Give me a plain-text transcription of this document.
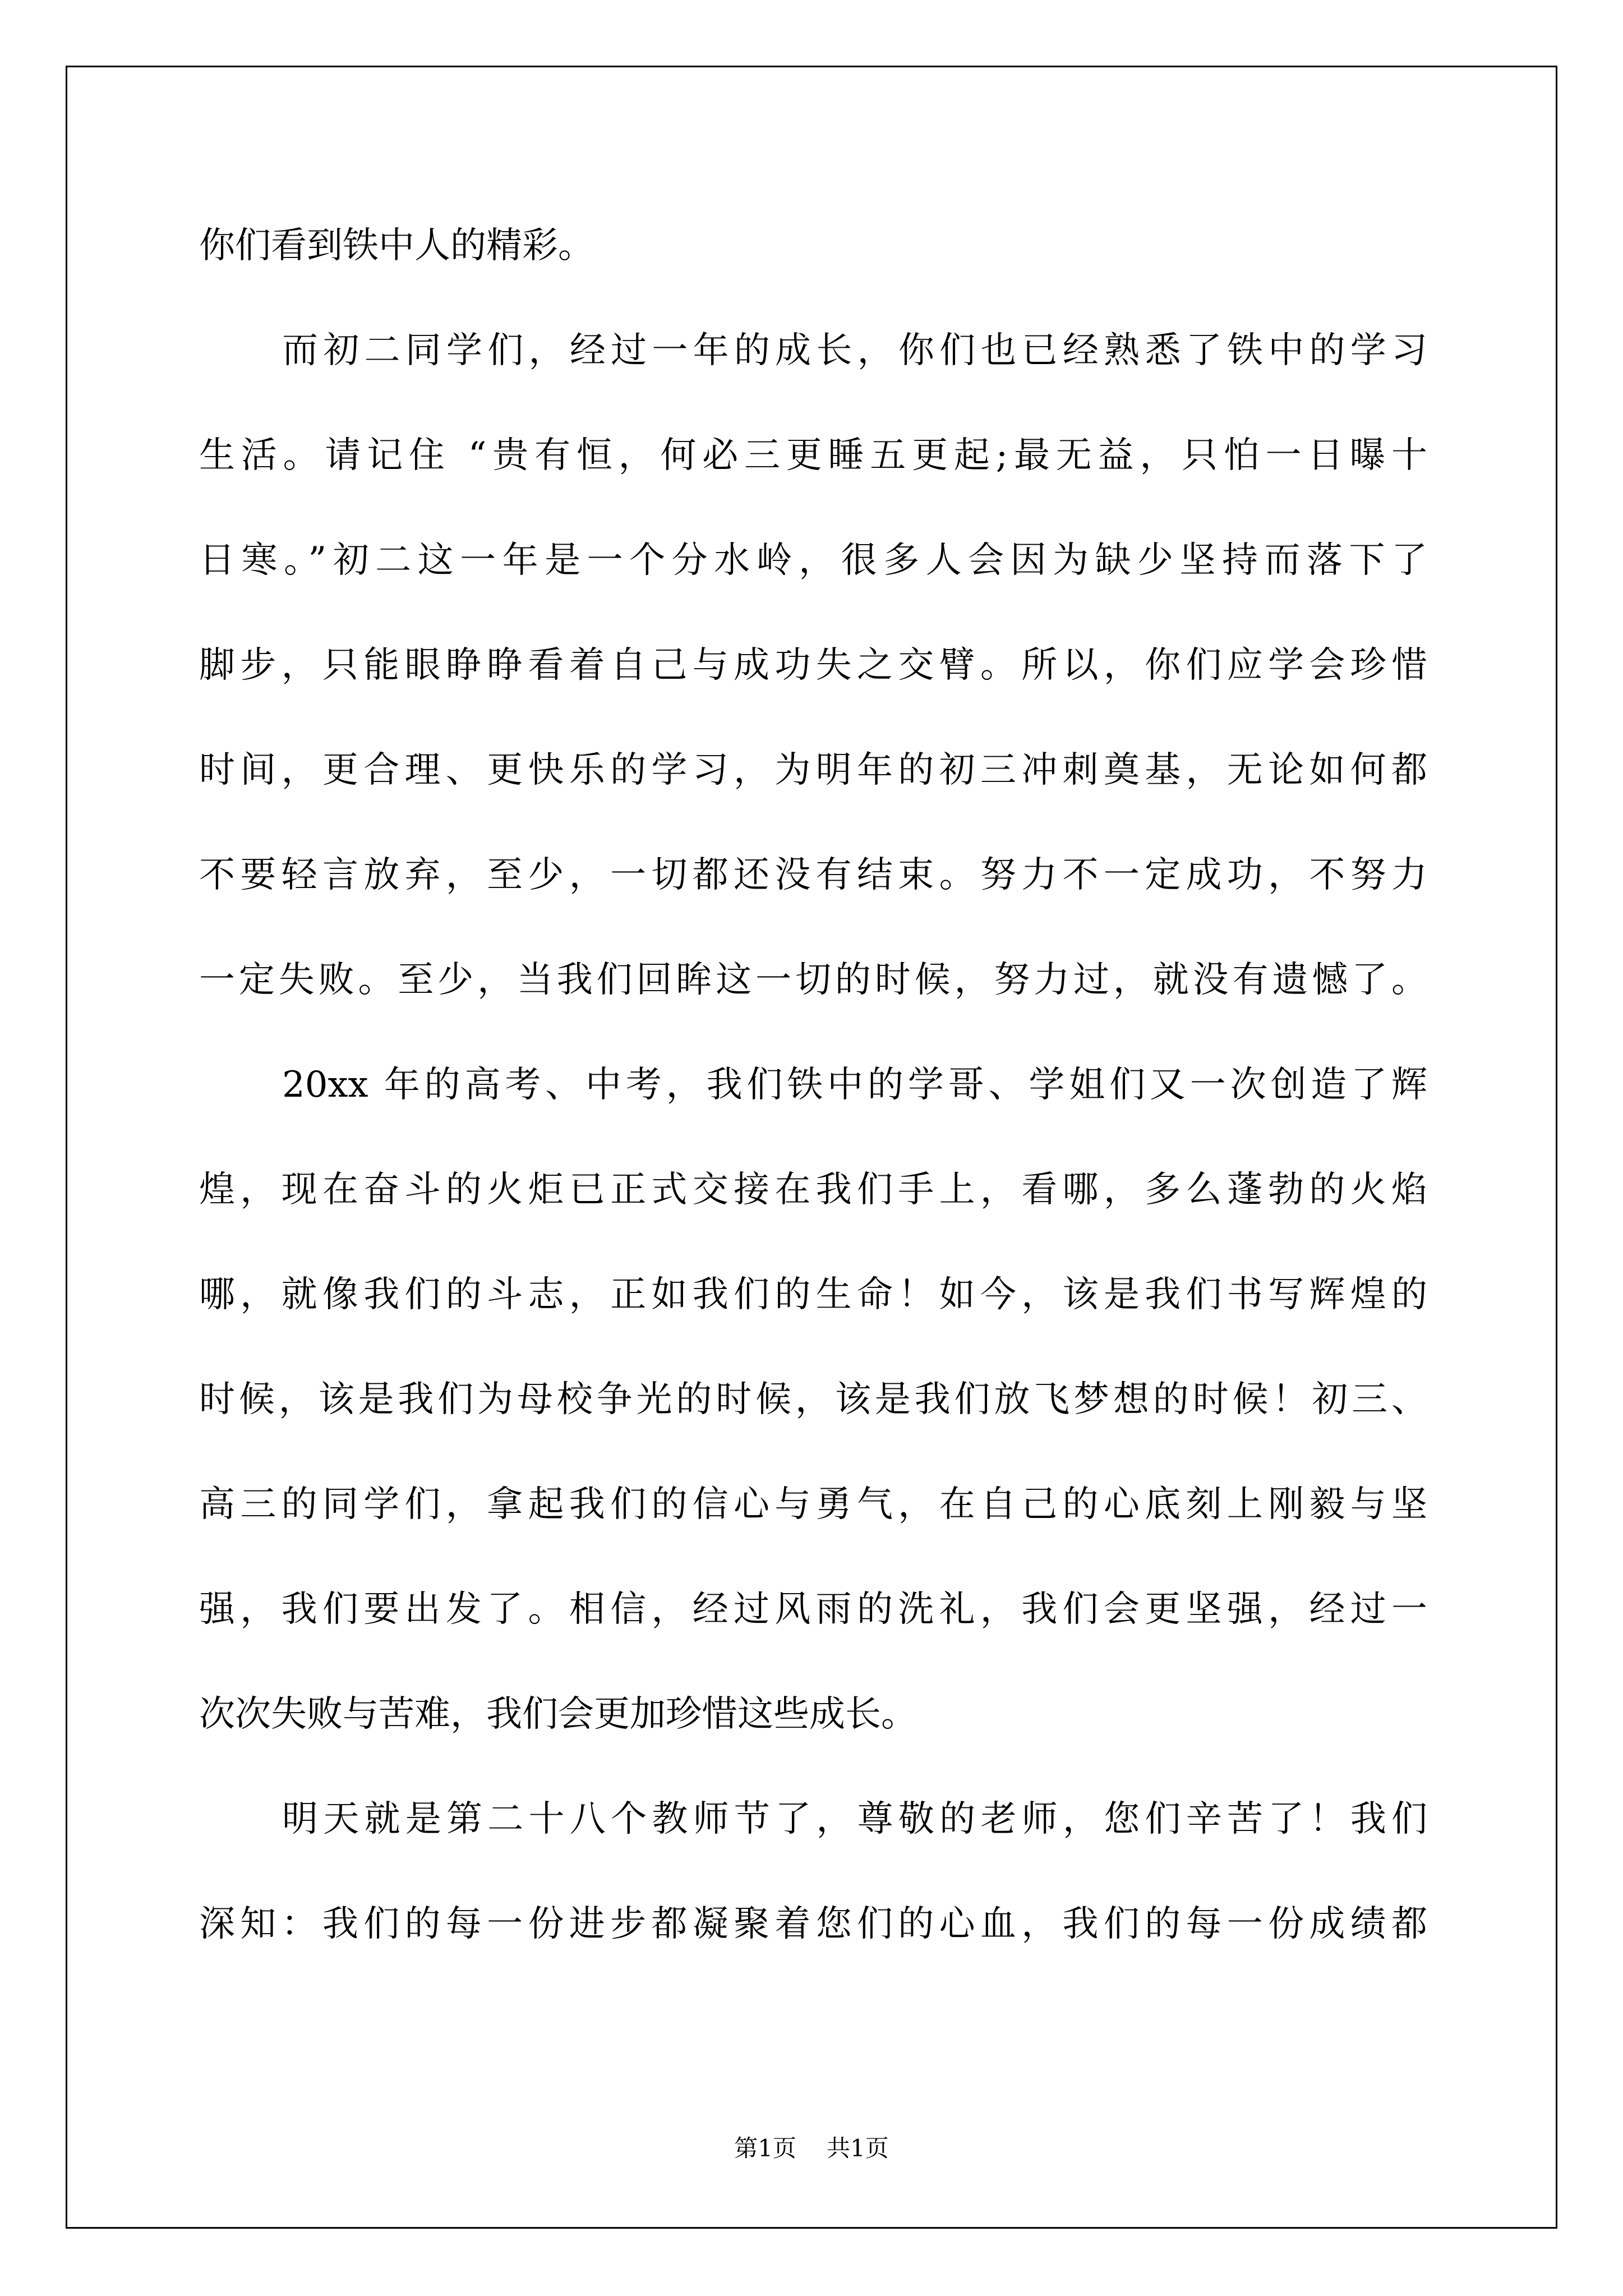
你们看到铁中人的精彩。
而初二同学们，经过一年的成长，你们也已经熟悉了铁中的学习
生活。请记住 “贵有恒，何必三更睡五更起;最无益，只怕一日曝十
日寒。”初二这一年是一个分水岭，很多人会因为缺少坚持而落下了
脚步，只能眼睁睁看着自己与成功失之交臂。所以，你们应学会珍惜
时间，更合理、更快乐的学习，为明年的初三冲刺奠基，无论如何都
不要轻言放弃，至少，一切都还没有结束。努力不一定成功，不努力
一定失败。至少，当我们回眸这一切的时候，努力过，就没有遗憾了。
20xx 年的高考、中考，我们铁中的学哥、学姐们又一次创造了辉
煌，现在奋斗的火炬已正式交接在我们手上，看哪，多么蓬勃的火焰
哪，就像我们的斗志，正如我们的生命！如今，该是我们书写辉煌的
时候，该是我们为母校争光的时候，该是我们放飞梦想的时候！初三、
高三的同学们，拿起我们的信心与勇气，在自己的心底刻上刚毅与坚
强，我们要出发了。相信，经过风雨的洗礼，我们会更坚强，经过一
次次失败与苦难，我们会更加珍惜这些成长。
明天就是第二十八个教师节了，尊敬的老师，您们辛苦了！我们
深知：我们的每一份进步都凝聚着您们的心血，我们的每一份成绩都
第1页 共1页
